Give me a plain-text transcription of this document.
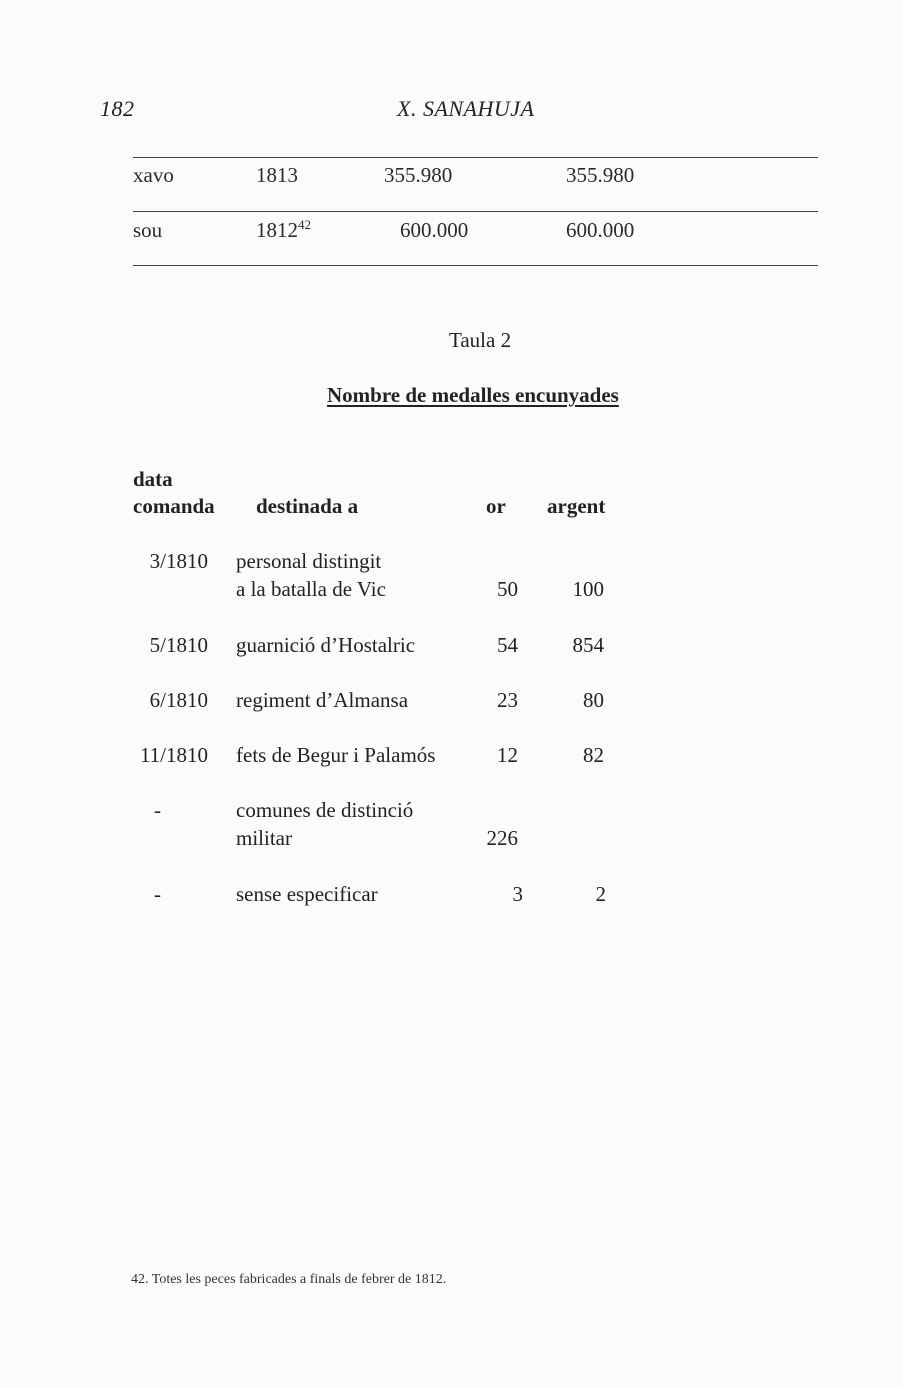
182	X. SANAHUJA
xavo	1813	355.980	355.980
sou	1812$^{42}$	600.000	600.000
Taula 2
Nombre de medalles encunyades
data
comanda destinada a	or argent
3/1810 personal distingit
a la batalla de Vic	50	100
5/1810 guarnició d’Hostalric	54	854
6/1810 regiment d’Almansa	23	80
11/1810 fets de Begur i Palamós	12	82
-	comunes de distinció
militar	226
-	sense especificar	3	2
42. Totes les peces fabricades a finals de febrer de 1812.
